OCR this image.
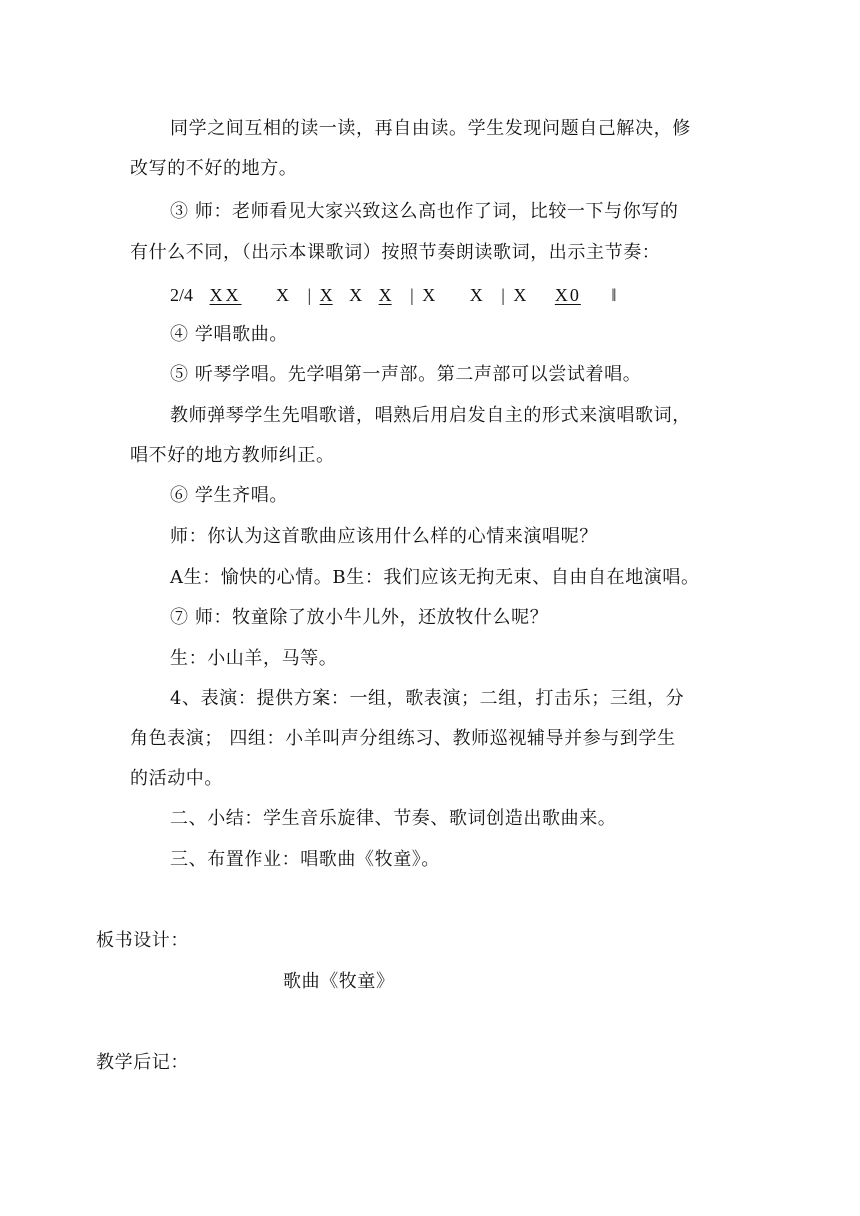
同学之间互相的读一读，再自由读。学生发现问题自己解决，修
改写的不好的地方。
③ 师：老师看见大家兴致这么高也作了词，比较一下与你写的
有什么不同，（出示本课歌词）按照节奏朗读歌词，出示主节奏：
2/4 XX X | X X X | X X | X X0 ‖
④ 学唱歌曲。
⑤ 听琴学唱。先学唱第一声部。第二声部可以尝试着唱。
教师弹琴学生先唱歌谱，唱熟后用启发自主的形式来演唱歌词，
唱不好的地方教师纠正。
⑥ 学生齐唱。
师：你认为这首歌曲应该用什么样的心情来演唱呢？
A生：愉快的心情。B生：我们应该无拘无束、自由自在地演唱。
⑦ 师：牧童除了放小牛儿外，还放牧什么呢？
生：小山羊，马等。
4、表演：提供方案：一组，歌表演；二组，打击乐；三组，分
角色表演； 四组：小羊叫声分组练习、教师巡视辅导并参与到学生
的活动中。
二、小结：学生音乐旋律、节奏、歌词创造出歌曲来。
三、布置作业：唱歌曲《牧童》。
板书设计：
歌曲《牧童》
教学后记：
